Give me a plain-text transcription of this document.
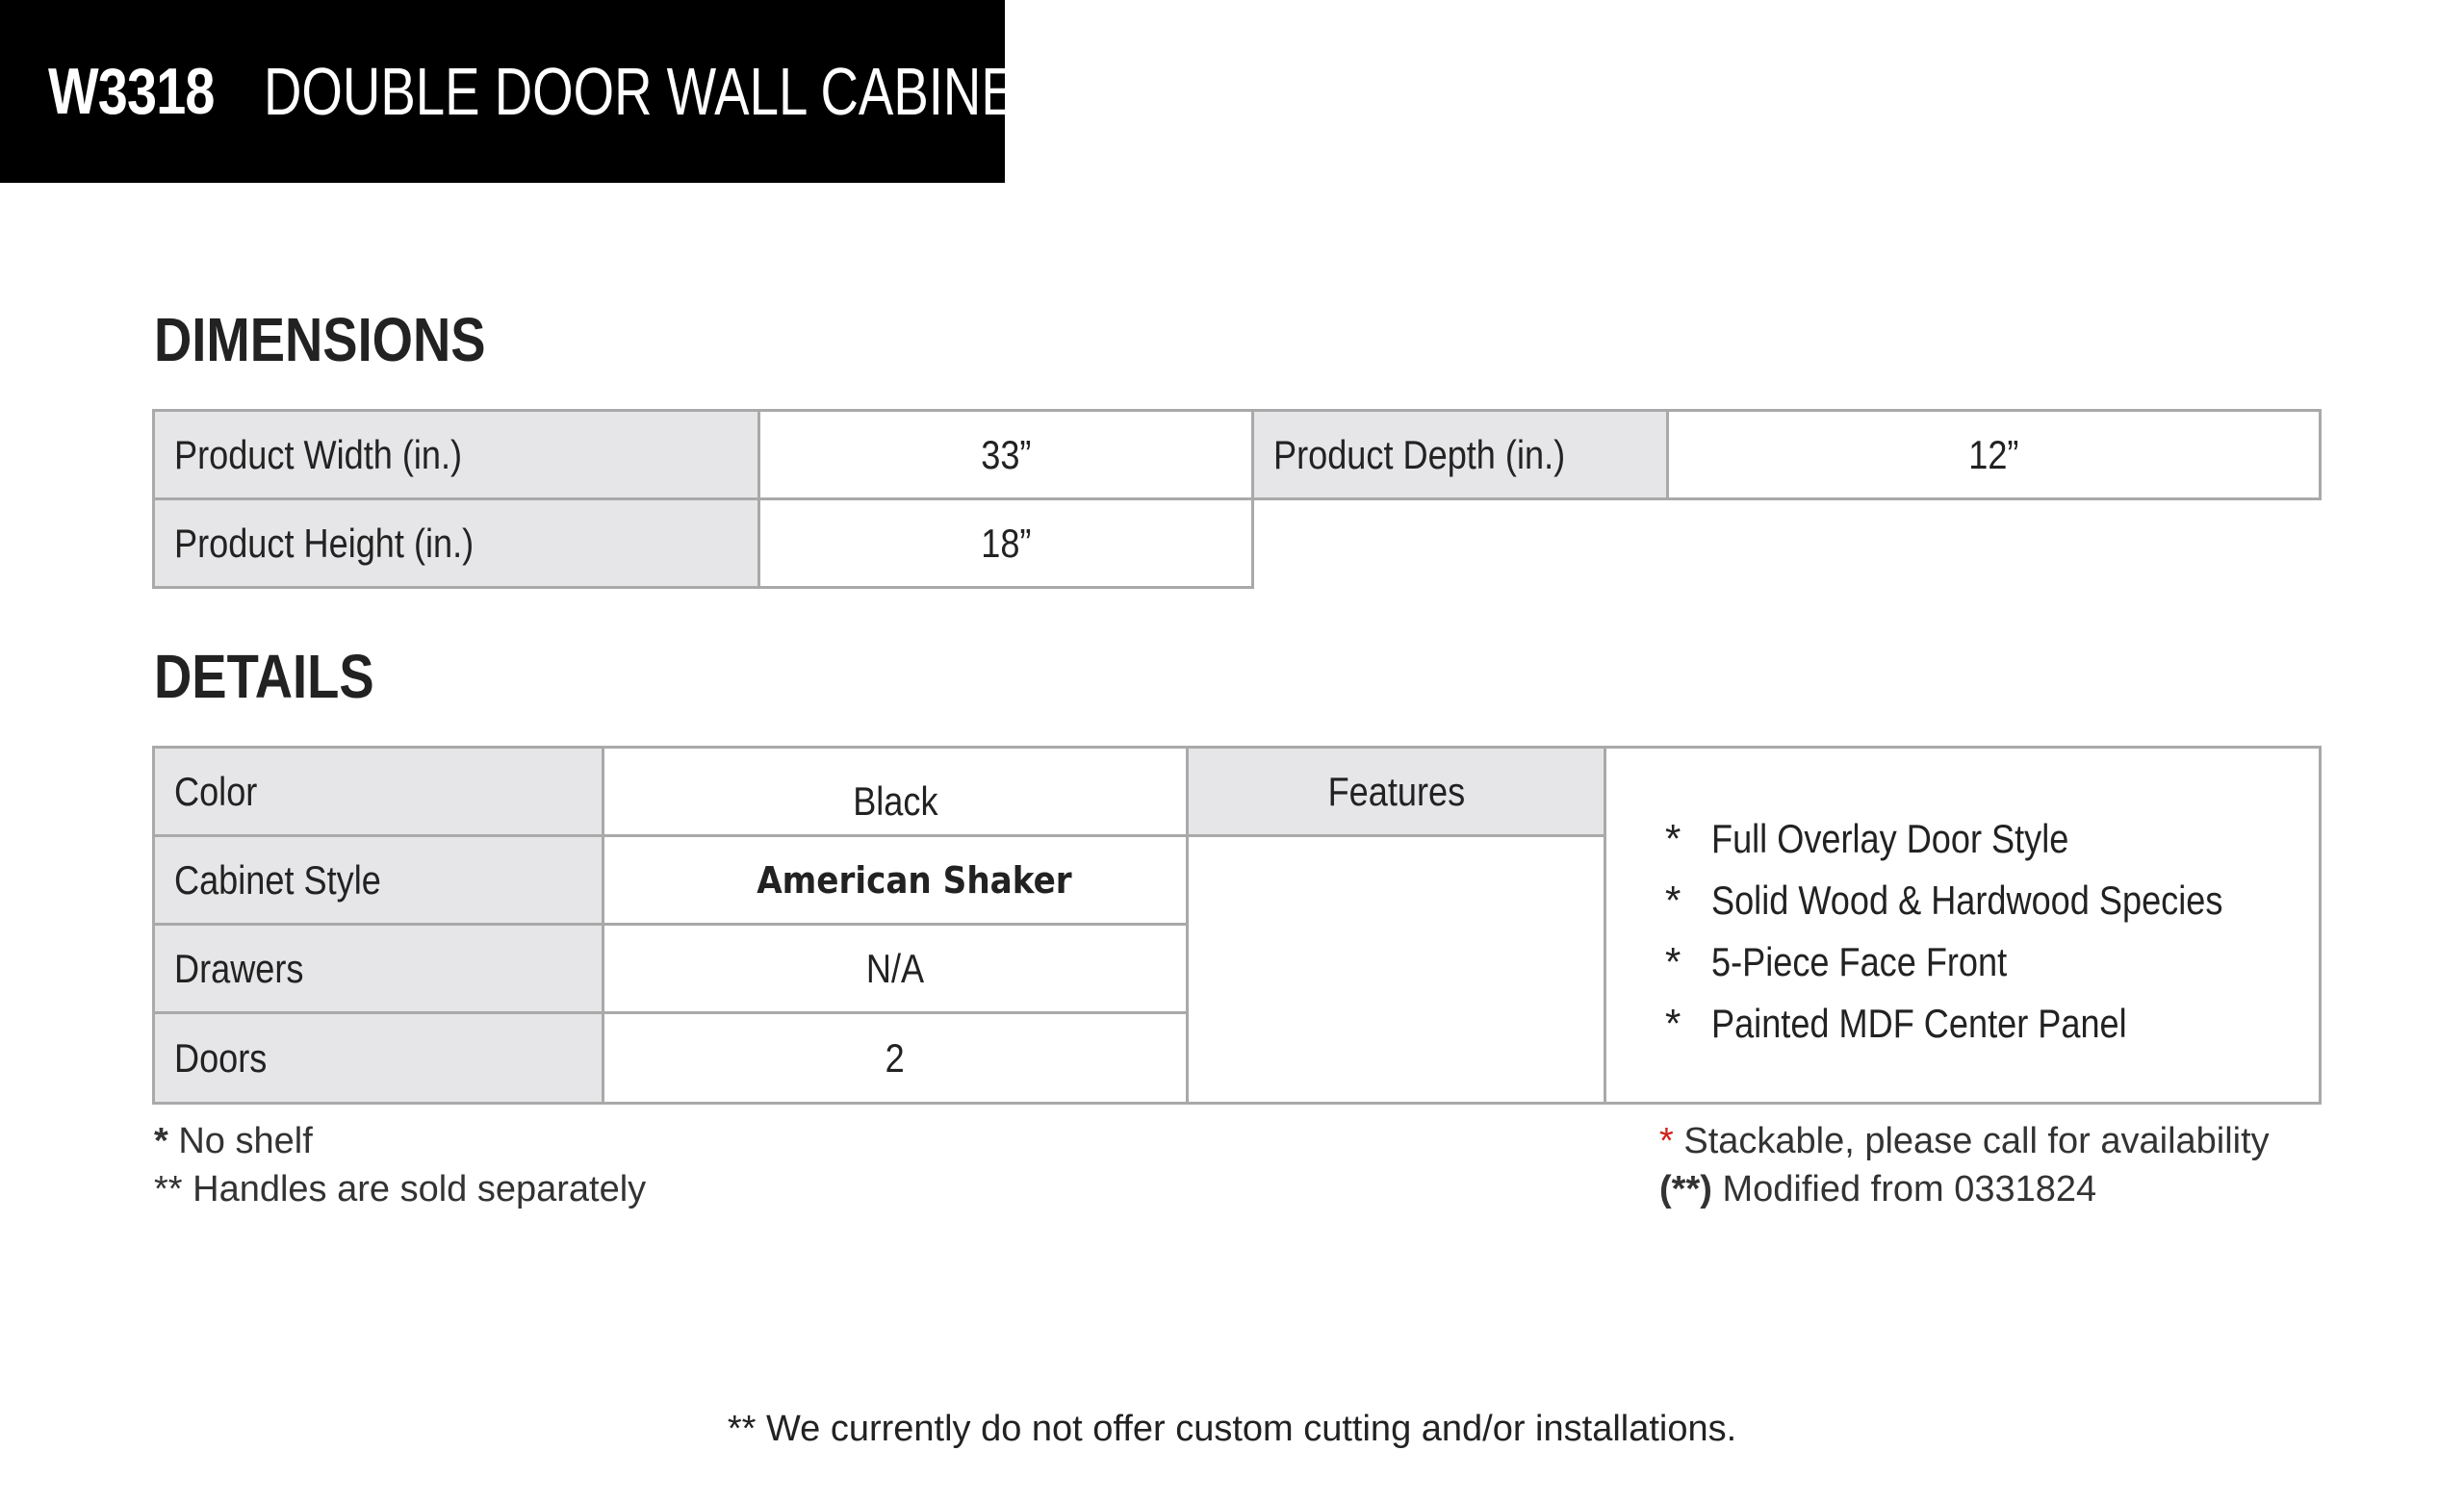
W3318 DOUBLE DOOR WALL CABINET
DIMENSIONS
Product Width (in.)	33”	Product Depth (in.)	12”
Product Height (in.)	18”
DETAILS
Color	Black
Cabinet Style	American Shaker
Drawers	N/A
Doors	2
Features
* Full Overlay Door Style
* Solid Wood & Hardwood Species
* 5-Piece Face Front
* Painted MDF Center Panel
* No shelf
** Handles are sold separately
* Stackable, please call for availability
(**) Modified from 0331824
** We currently do not offer custom cutting and/or installations.
